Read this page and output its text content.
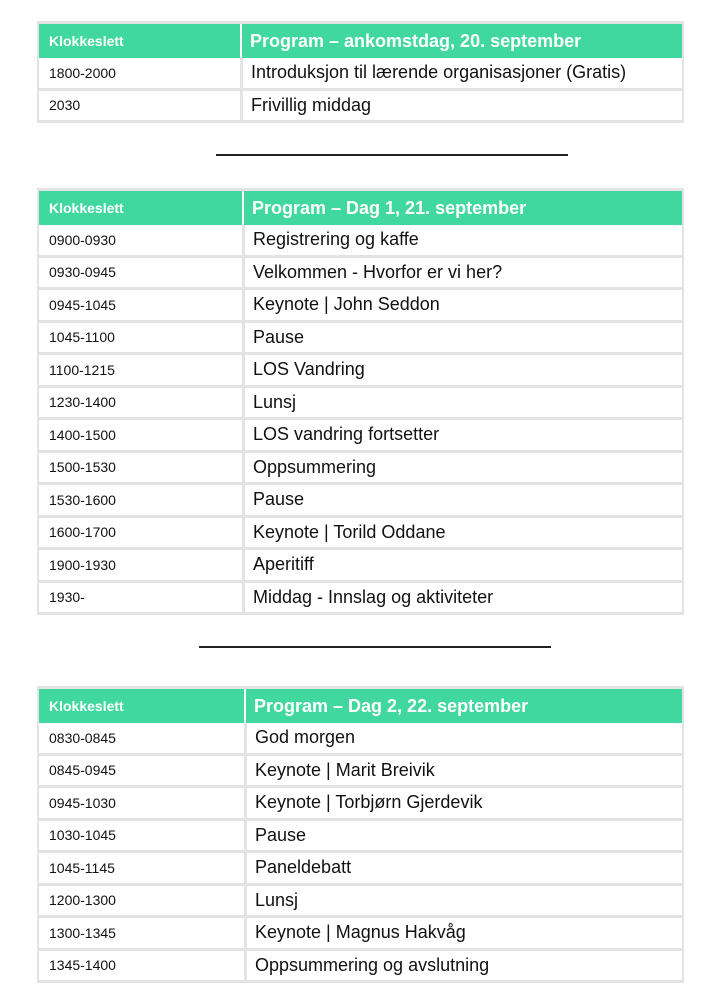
Klokkeslett	Program – ankomstdag, 20. september
1800-2000	Introduksjon til lærende organisasjoner (Gratis)
2030	Frivillig middag
Klokkeslett	Program – Dag 1, 21. september
0900-0930	Registrering og kaffe
0930-0945	Velkommen - Hvorfor er vi her?
0945-1045	Keynote | John Seddon
1045-1100	Pause
1100-1215	LOS Vandring
1230-1400	Lunsj
1400-1500	LOS vandring fortsetter
1500-1530	Oppsummering
1530-1600	Pause
1600-1700	Keynote | Torild Oddane
1900-1930	Aperitiff
1930-	Middag - Innslag og aktiviteter
Klokkeslett	Program – Dag 2, 22. september
0830-0845	God morgen
0845-0945	Keynote | Marit Breivik
0945-1030	Keynote | Torbjørn Gjerdevik
1030-1045	Pause
1045-1145	Paneldebatt
1200-1300	Lunsj
1300-1345	Keynote | Magnus Hakvåg
1345-1400	Oppsummering og avslutning
